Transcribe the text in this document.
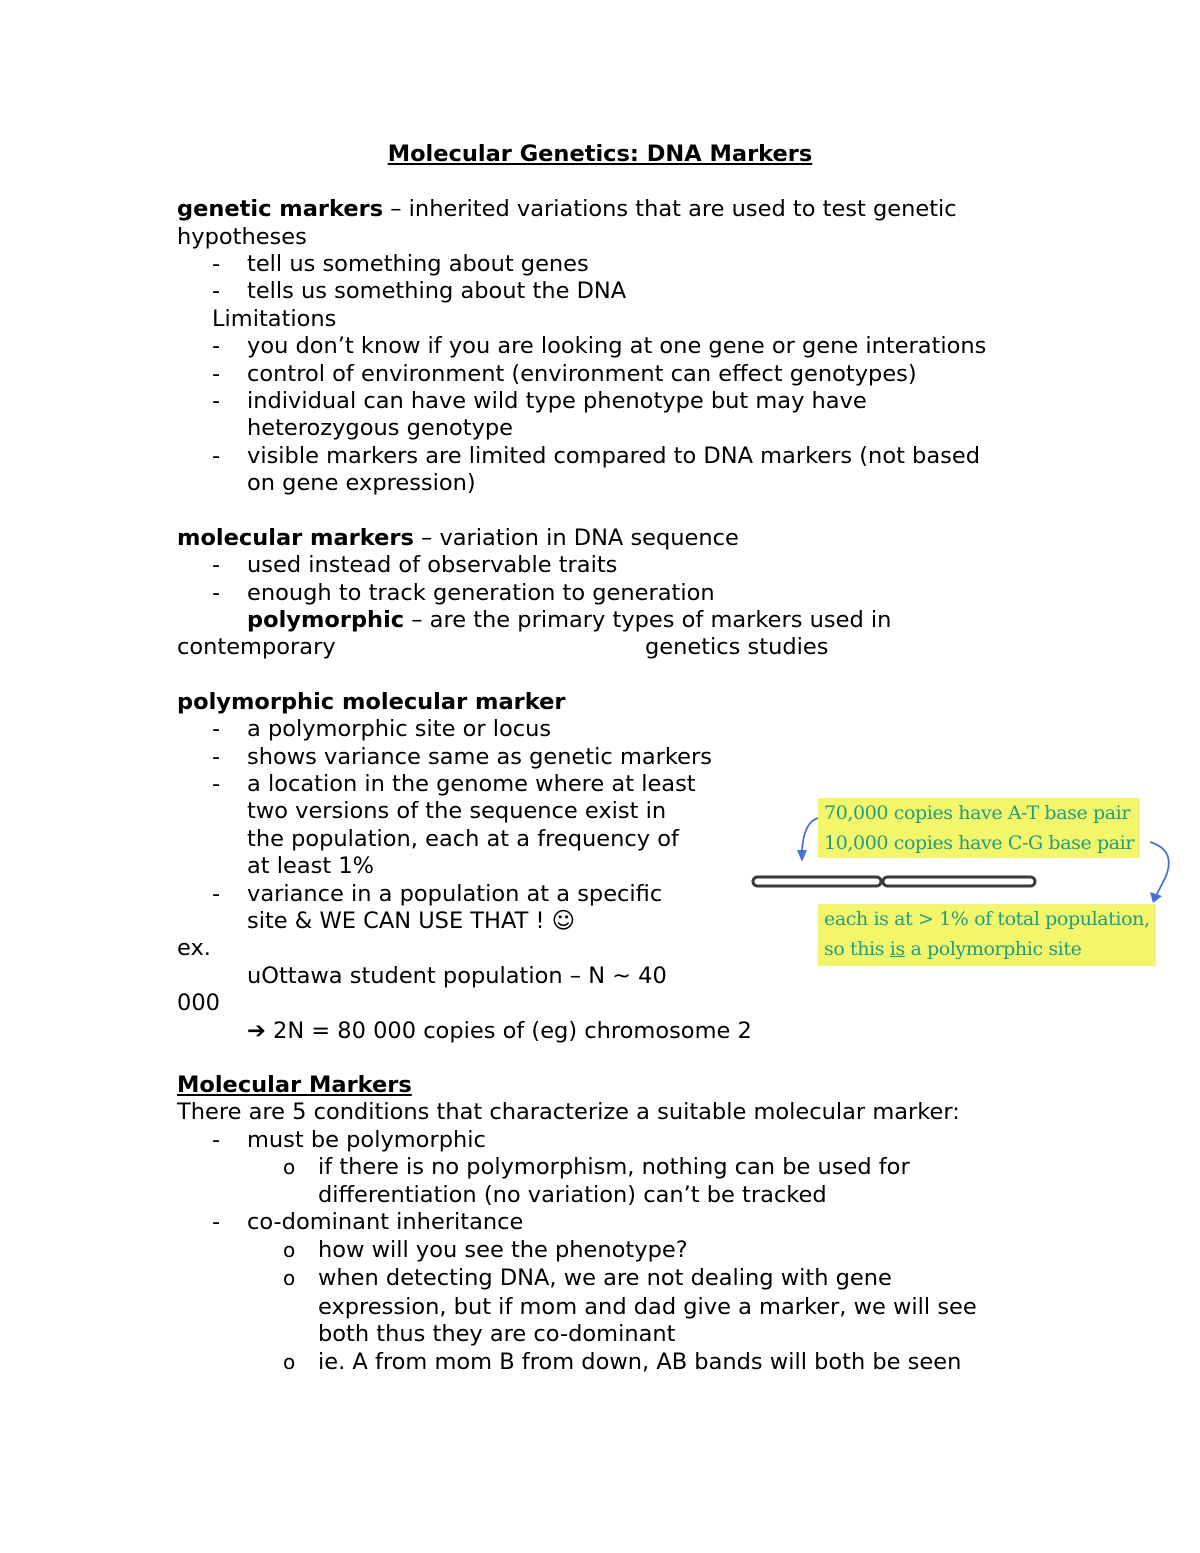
Molecular Genetics: DNA Markers
genetic markers – inherited variations that are used to test genetic
hypotheses
- tell us something about genes
- tells us something about the DNA
Limitations
- you don’t know if you are looking at one gene or gene interations
- control of environment (environment can effect genotypes)
- individual can have wild type phenotype but may have
heterozygous genotype
- visible markers are limited compared to DNA markers (not based
on gene expression)
molecular markers – variation in DNA sequence
- used instead of observable traits
- enough to track generation to generation
polymorphic – are the primary types of markers used in
contemporary	genetics studies
polymorphic molecular marker
- a polymorphic site or locus
- shows variance same as genetic markers
- a location in the genome where at least
two versions of the sequence exist in
the population, each at a frequency of
at least 1%
- variance in a population at a specific
site & WE CAN USE THAT ! ☺
ex.
uOttawa student population – N ~ 40
000
➔ 2N = 80 000 copies of (eg) chromosome 2
70,000 copies have A-T base pair
10,000 copies have C-G base pair
each is at > 1% of total population,
so this is a polymorphic site
Molecular Markers
There are 5 conditions that characterize a suitable molecular marker:
- must be polymorphic
o if there is no polymorphism, nothing can be used for
differentiation (no variation) can’t be tracked
- co-dominant inheritance
o how will you see the phenotype?
o when detecting DNA, we are not dealing with gene
expression, but if mom and dad give a marker, we will see
both thus they are co-dominant
o ie. A from mom B from down, AB bands will both be seen
